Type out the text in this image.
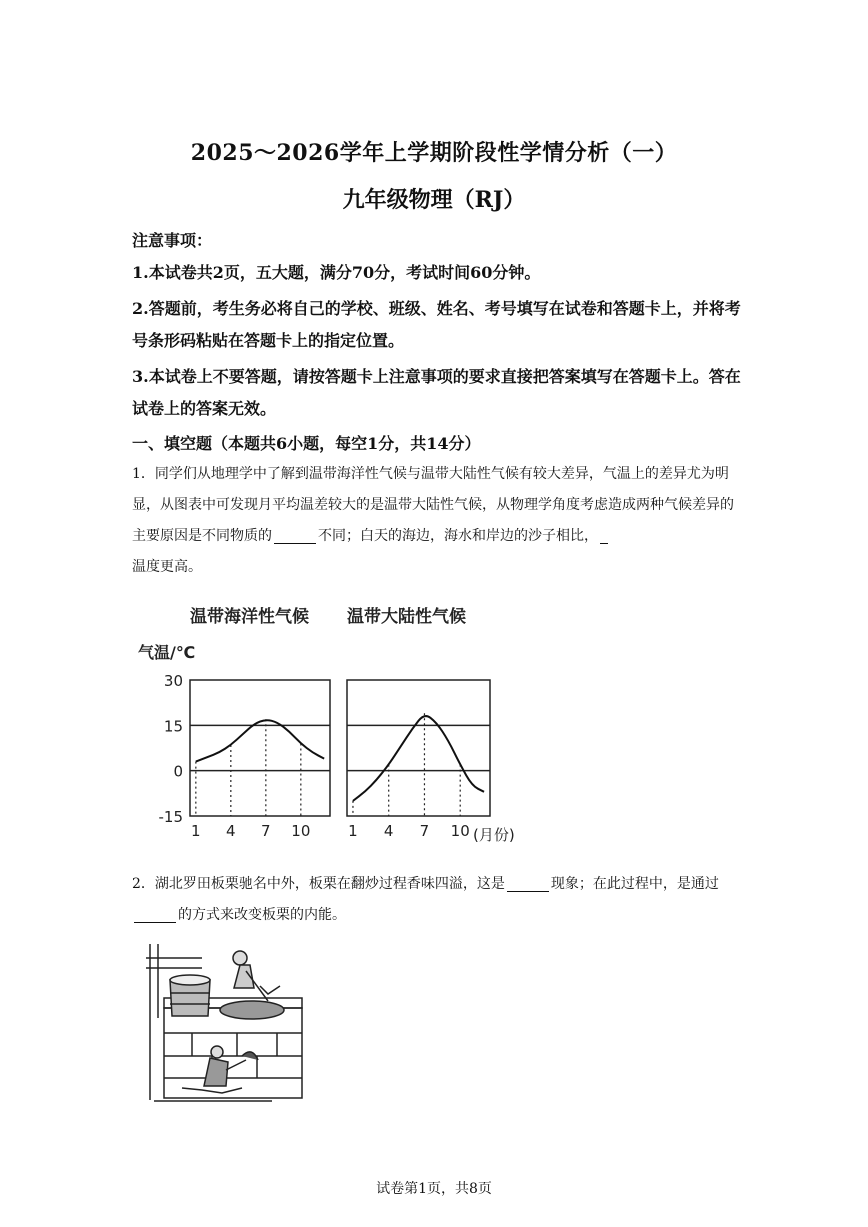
2025～2026学年上学期阶段性学情分析（一）
九年级物理（RJ）
注意事项：
1.本试卷共2页，五大题，满分70分，考试时间60分钟。
2.答题前，考生务必将自己的学校、班级、姓名、考号填写在试卷和答题卡上，并将考号条形码粘贴在答题卡上的指定位置。
3.本试卷上不要答题，请按答题卡上注意事项的要求直接把答案填写在答题卡上。答在试卷上的答案无效。
一、填空题（本题共6小题，每空1分，共14分）
1．同学们从地理学中了解到温带海洋性气候与温带大陆性气候有较大差异，气温上的差异尤为明显，从图表中可发现月平均温差较大的是温带大陆性气候，从物理学角度考虑造成两种气候差异的主要原因是不同物质的	不同；白天的海边，海水和岸边的沙子相比，
温度更高。
温带海洋性气候 温带大陆性气候
气温/℃
30
15
0
-15
1 4 7 10	1 4 7 10 (月份)
2．湖北罗田板栗驰名中外，板栗在翻炒过程香味四溢，这是	现象；在此过程中，是通过的方式来改变板栗的内能。
试卷第1页，共8页
